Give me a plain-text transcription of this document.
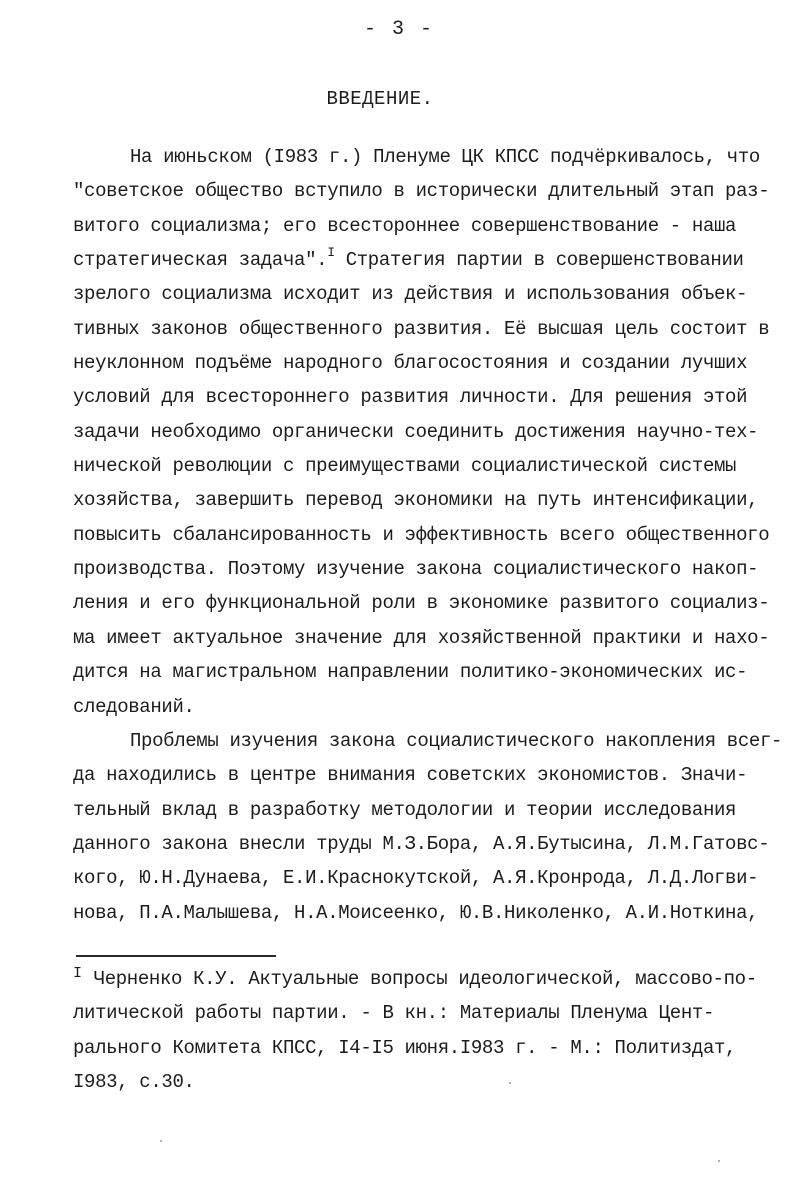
- 3 -
ВВЕДЕНИЕ.
На июньском (I983 г.) Пленуме ЦК КПСС подчёркивалось, что
"советское общество вступило в исторически длительный этап раз-
витого социализма; его всестороннее совершенствование - наша
стратегическая задача".$^I$ Стратегия партии в совершенствовании
зрелого социализма исходит из действия и использования объек-
тивных законов общественного развития. Её высшая цель состоит в
неуклонном подъёме народного благосостояния и создании лучших
условий для всестороннего развития личности. Для решения этой
задачи необходимо органически соединить достижения научно-тех-
нической революции с преимуществами социалистической системы
хозяйства, завершить перевод экономики на путь интенсификации,
повысить сбалансированность и эффективность всего общественного
производства. Поэтому изучение закона социалистического накоп-
ления и его функциональной роли в экономике развитого социализ-
ма имеет актуальное значение для хозяйственной практики и нахо-
дится на магистральном направлении политико-экономических ис-
следований.
Проблемы изучения закона социалистического накопления всег-
да находились в центре внимания советских экономистов. Значи-
тельный вклад в разработку методологии и теории исследования
данного закона внесли труды М.З.Бора, А.Я.Бутысина, Л.М.Гатовс-
кого, Ю.Н.Дунаева, Е.И.Краснокутской, А.Я.Кронрода, Л.Д.Логви-
нова, П.А.Малышева, Н.А.Моисеенко, Ю.В.Николенко, А.И.Ноткина,
$^I$ Черненко К.У. Актуальные вопросы идеологической, массово-по-
литической работы партии. - В кн.: Материалы Пленума Цент-
рального Комитета КПСС, I4-I5 июня.I983 г. - М.: Политиздат,
I983, с.30.
